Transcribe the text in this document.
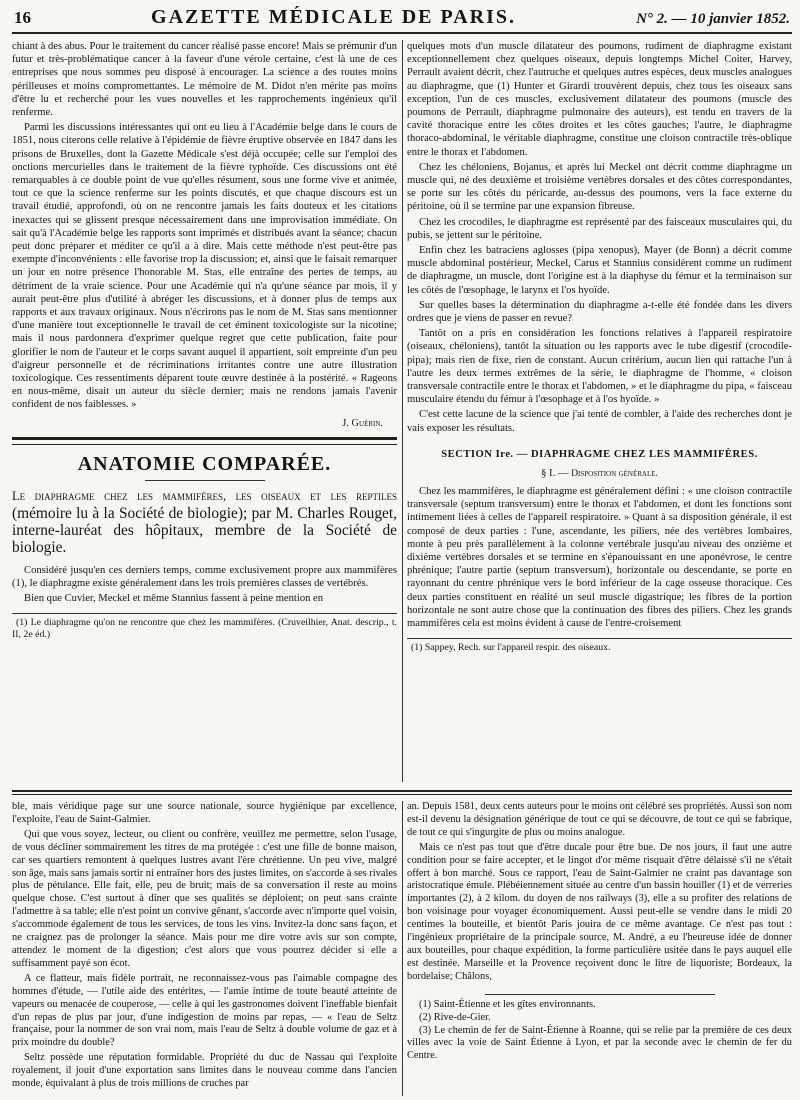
16	GAZETTE MÉDICALE DE PARIS.	N° 2. — 10 janvier 1852.

chiant à des abus. Pour le traitement du cancer réalisé passe encore! Mais se prémunir d'un futur et très-problématique cancer à la faveur d'une vérole certaine, c'est là une de ces entreprises que nous sommes peu disposé à encourager. La science a des routes moins périlleuses et moins compromettantes. Le mémoire de M. Didot n'en mérite pas moins d'être lu et recherché pour les vues nouvelles et les rapprochements ingénieux qu'il renferme.

Parmi les discussions intéressantes qui ont eu lieu à l'Académie belge dans le cours de 1851, nous citerons celle relative à l'épidémie de fièvre éruptive observée en 1847 dans les prisons de Bruxelles, dont la Gazette Médicale s'est déjà occupée; celle sur l'emploi des onctions mercurielles dans le traitement de la fièvre typhoïde. Ces discussions ont été remarquables à ce double point de vue qu'elles résument, sous une forme vive et animée, tout ce que la science renferme sur les points discutés, et que chaque discours est un travail étudié, approfondi, où on ne rencontre jamais les faits douteux et les citations inexactes qui se glissent presque nécessairement dans une improvisation immédiate. On sait qu'à l'Académie belge les rapports sont imprimés et distribués avant la séance; chacun peut donc préparer et méditer ce qu'il a à dire. Mais cette méthode n'est peut-être pas exempte d'inconvénients : elle favorise trop la discussion; et, ainsi que le faisait remarquer un jour en notre présence l'honorable M. Stas, elle entraîne des pertes de temps, au détriment de la vraie science. Pour une Académie qui n'a qu'une séance par mois, il y aurait peut-être plus d'utilité à abréger les discussions, et à donner plus de temps aux rapports et aux travaux originaux. Nous n'écrirons pas le nom de M. Stas sans mentionner d'une manière tout exceptionnelle le travail de cet éminent toxicologiste sur la nicotine; mais il nous pardonnera d'exprimer quelque regret que cette publication, faite pour glorifier le nom de l'auteur et le corps savant auquel il appartient, soit empreinte d'un peu d'aigreur personnelle et de récriminations irritantes contre une autre illustration toxicologique. Ces ressentiments déparent toute œuvre destinée à la postérité. « Rageons en nous-même, disait un auteur du siècle dernier; mais ne rendons jamais l'avenir confident de nos faiblesses. »

J. Guérin.
ANATOMIE COMPARÉE.
Le diaphragme chez les mammifères, les oiseaux et les reptiles (mémoire lu à la Société de biologie); par M. Charles Rouget, interne-lauréat des hôpitaux, membre de la Société de biologie.

Considéré jusqu'en ces derniers temps, comme exclusivement propre aux mammifères (1), le diaphragme existe généralement dans les trois premières classes de vertébrés.

Bien que Cuvier, Meckel et même Stannius fassent à peine mention en

(1) Le diaphragme qu'on ne rencontre que chez les mammifères. (Cruveilhier, Anat. descrip., t. II, 2e éd.)

quelques mots d'un muscle dilatateur des poumons, rudiment de diaphragme existant exceptionnellement chez quelques oiseaux, depuis longtemps Michel Coiter, Harvey, Perrault avaient décrit, chez l'autruche et quelques autres espèces, deux muscles analogues au diaphragme, que (1) Hunter et Girardi trouvèrent depuis, chez tous les oiseaux sans exception, l'un de ces muscles, exclusivement dilatateur des poumons (muscle des poumons de Perrault, diaphragme pulmonaire des auteurs), est tendu en travers de la cavité thoracique entre les côtes droites et les côtes gauches; l'autre, le diaphragme thoraco-abdominal, le véritable diaphragme, constitue une cloison contractile très-oblique entre le thorax et l'abdomen.

Chez les chéloniens, Bojanus, et après lui Meckel ont décrit comme diaphragme un muscle qui, né des deuxième et troisième vertèbres dorsales et des côtes correspondantes, se porte sur les côtés du péricarde, au-dessus des poumons, vers la face externe du péritoine, où il se termine par une expansion fibreuse.

Chez les crocodiles, le diaphragme est représenté par des faisceaux musculaires qui, du pubis, se jettent sur le péritoine.

Enfin chez les batraciens aglosses (pipa xenopus), Mayer (de Bonn) a décrit comme muscle abdominal postérieur, Meckel, Carus et Stannius considèrent comme un rudiment de diaphragme, un muscle, dont l'origine est à la diaphyse du fémur et la terminaison sur les côtés de l'œsophage, le larynx et l'os hyoïde.

Sur quelles bases la détermination du diaphragme a-t-elle été fondée dans les divers ordres que je viens de passer en revue?

Tantôt on a pris en considération les fonctions relatives à l'appareil respiratoire (oiseaux, chéloniens), tantôt la situation ou les rapports avec le tube digestif (crocodile-pipa); mais rien de fixe, rien de constant. Aucun critérium, aucun lien qui rattache l'un à l'autre les deux termes extrêmes de la série, le diaphragme de l'homme, « cloison transversale contractile entre le thorax et l'abdomen, » et le diaphragme du pipa, « faisceau musculaire étendu du fémur à l'œsophage et à l'os hyoïde. »

C'est cette lacune de la science que j'ai tenté de combler, à l'aide des recherches dont je vais exposer les résultats.

SECTION Ire. — DIAPHRAGME CHEZ LES MAMMIFÈRES.
§ I. — Disposition générale.

Chez les mammifères, le diaphragme est généralement défini : « une cloison contractile transversale (septum transversum) entre le thorax et l'abdomen, et dont les fonctions sont intimement liées à celles de l'appareil respiratoire. » Quant à sa disposition générale, il est composé de deux parties : l'une, ascendante, les piliers, née des vertèbres lombaires, monte à peu près parallèlement à la colonne vertébrale jusqu'au niveau des onzième et dixième vertèbres dorsales et se termine en s'épanouissant en une aponévrose, le centre phrénique; l'autre partie (septum transversum), horizontale ou descendante, se porte en rayonnant du centre phrénique vers le bord inférieur de la cage osseuse thoracique. Ces deux parties constituent en réalité un seul muscle digastrique; les fibres de la portion horizontale ne sont autre chose que la continuation des fibres des piliers. Chez les grands mammifères cela est moins évident à cause de l'entre-croisement

(1) Sappey, Rech. sur l'appareil respir. des oiseaux.

ble, mais véridique page sur une source nationale, source hygiénique par excellence, l'exploite, l'eau de Saint-Galmier.

Qui que vous soyez, lecteur, ou client ou confrère, veuillez me permettre, selon l'usage, de vous décliner sommairement les titres de ma protégée : c'est une fille de bonne maison, car ses quartiers remontent à quelques lustres avant l'ère chrétienne. Un peu vive, malgré son âge, mais sans jamais sortir ni entraîner hors des justes limites, on s'accorde à ses rivales plus de pétulance. Elle fait, elle, peu de bruit; mais de sa conversation il reste au moins quelque chose. C'est surtout à dîner que ses qualités se déploient; on peut sans crainte l'admettre à sa table; elle n'est point un convive gênant, s'accorde avec n'importe quel voisin, s'accommode également de tous les services, de tous les vins. Invitez-la donc sans façon, et ne craignez pas de prolonger la séance. Mais pour me dire votre avis sur son compte, attendez le moment de la digestion; c'est alors que vous pourrez décider si elle a suffisamment payé son écot.

A ce flatteur, mais fidèle portrait, ne reconnaissez-vous pas l'aimable compagne des hommes d'étude, — l'utile aide des entérites, — l'amie intime de toute beauté atteinte de vapeurs ou menacée de couperose, — celle à qui les gastronomes doivent l'ineffable bienfait d'un repas de plus par jour, d'une indigestion de moins par repas, — « l'eau de Seltz française, pour la nommer de son vrai nom, mais l'eau de Seltz à double volume de gaz et à prix moindre du double?

Seltz possède une réputation formidable. Propriété du duc de Nassau qui l'exploite royalement, il jouit d'une exportation sans limites dans le nouveau comme dans l'ancien monde, équivalant à plus de trois millions de cruches par

an. Depuis 1581, deux cents auteurs pour le moins ont célébré ses propriétés. Aussi son nom est-il devenu la désignation générique de tout ce qui se découvre, de tout ce qui se fabrique, de tout ce qui s'ingurgite de plus ou moins analogue.

Mais ce n'est pas tout que d'être ducale pour être bue. De nos jours, il faut une autre condition pour se faire accepter, et le lingot d'or même risquait d'être délaissé s'il ne s'était offert à bon marché. Sous ce rapport, l'eau de Saint-Galmier ne craint pas davantage son aristocratique émule. Plébéiennement située au centre d'un bassin houiller (1) et de verreries importantes (2), à 2 kilom. du doyen de nos railways (3), elle a su profiter des relations de bon voisinage pour voyager économiquement. Aussi peut-elle se vendre dans le midi 20 centimes la bouteille, et bientôt Paris jouira de ce même avantage. Ce n'est pas tout : l'ingénieux propriétaire de la principale source, M. André, a eu l'heureuse idée de donner aux bouteilles, pour chaque expédition, la forme particulière usitée dans le pays auquel elle est destinée. Marseille et la Provence reçoivent donc le litre de liquoriste; Bordeaux, la bordelaise; Châlons,

(1) Saint-Étienne et les gîtes environnants.

(2) Rive-de-Gier.

(3) Le chemin de fer de Saint-Étienne à Roanne, qui se relie par la première de ces deux villes avec la voie de Saint Étienne à Lyon, et par la seconde avec le chemin de fer du Centre.
